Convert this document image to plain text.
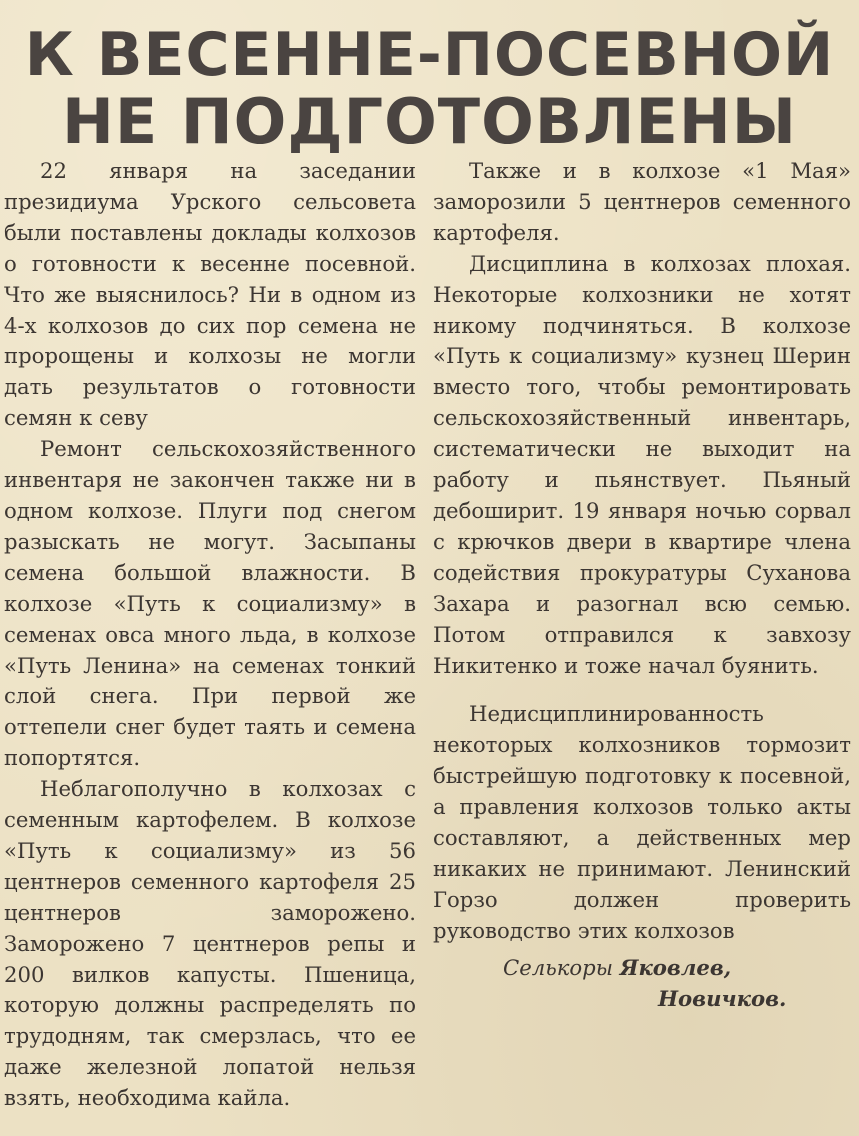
К ВЕСЕННЕ-ПОСЕВНОЙ
НЕ ПОДГОТОВЛЕНЫ

22 января на заседании президиума Урского сельсовета были поставлены доклады колхозов о готовности к весенне посевной. Что же выяснилось? Ни в одном из 4-х колхозов до сих пор семена не пророщены и колхозы не могли дать результатов о готовности семян к севу

Ремонт сельскохозяйственного инвентаря не закончен также ни в одном колхозе. Плуги под снегом разыскать не могут. Засыпаны семена большой влажности. В колхозе «Путь к социализму» в семенах овса много льда, в колхозе «Путь Ленина» на семенах тонкий слой снега. При первой же оттепели снег будет таять и семена попортятся.

Неблагополучно в колхозах с семенным картофелем. В колхозе «Путь к социализму» из 56 центнеров семенного картофеля 25 центнеров заморожено. Заморожено 7 центнеров репы и 200 вилков капусты. Пшеница, которую должны распределять по трудодням, так смерзлась, что ее даже железной лопатой нельзя взять, необходима кайла.

Также и в колхозе «1 Мая» заморозили 5 центнеров семенного картофеля.

Дисциплина в колхозах плохая. Некоторые колхозники не хотят никому подчиняться. В колхозе «Путь к социализму» кузнец Шерин вместо того, чтобы ремонтировать сельскохозяйственный инвентарь, систематически не выходит на работу и пьянствует. Пьяный дебоширит. 19 января ночью сорвал с крючков двери в квартире члена содействия прокуратуры Суханова Захара и разогнал всю семью. Потом отправился к завхозу Никитенко и тоже начал буянить.

Недисциплинированность некоторых колхозников тормозит быстрейшую подготовку к посевной, а правления колхозов только акты составляют, а действенных мер никаких не принимают. Ленинский Горзо должен проверить руководство этих колхозов

Селькоры Яковлев,
Новичков.
